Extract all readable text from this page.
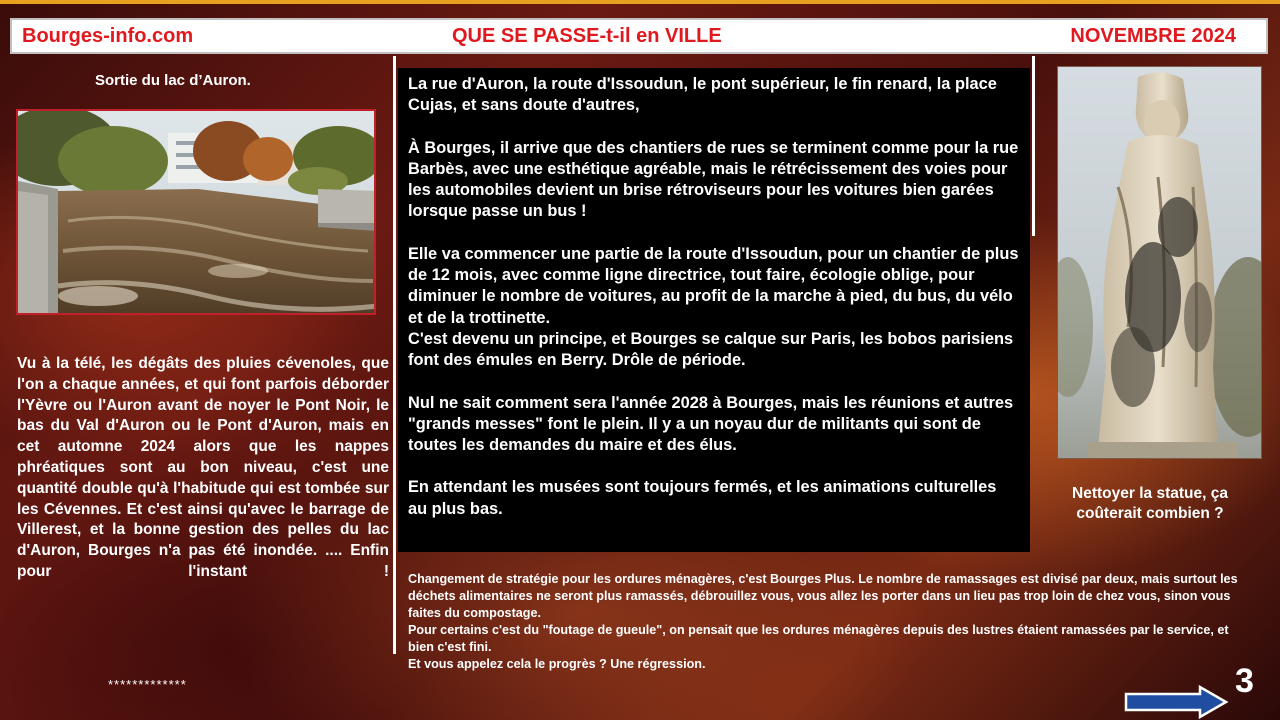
Bourges-info.com	QUE SE PASSE-t-il en VILLE	NOVEMBRE 2024
Sortie du lac d’Auron.
Vu à la télé, les dégâts des pluies cévenoles, que l'on a chaque années, et qui font parfois déborder l'Yèvre ou l'Auron avant de noyer le Pont Noir, le bas du Val d'Auron ou le Pont d'Auron, mais en cet automne 2024 alors que les nappes phréatiques sont au bon niveau, c'est une quantité double qu'à l'habitude qui est tombée sur les Cévennes. Et c'est ainsi qu'avec le barrage de Villerest, et la bonne gestion des pelles du lac d'Auron, Bourges n'a pas été inondée. .... Enfin pour l'instant !
*************

La rue d'Auron, la route d'Issoudun, le pont supérieur, le fin renard, la place Cujas, et sans doute d'autres,

À Bourges, il arrive que des chantiers de rues se terminent comme pour la rue Barbès, avec une esthétique agréable, mais le rétrécissement des voies pour les automobiles devient un brise rétroviseurs pour les voitures bien garées lorsque passe un bus !

Elle va commencer une partie de la route d'Issoudun, pour un chantier de plus de 12 mois, avec comme ligne directrice, tout faire, écologie oblige, pour diminuer le nombre de voitures, au profit de la marche à pied, du bus, du vélo et de la trottinette.

C'est devenu un principe, et Bourges se calque sur Paris, les bobos parisiens font des émules en Berry. Drôle de période.

Nul ne sait comment sera l'année 2028 à Bourges, mais les réunions et autres "grands messes" font le plein. Il y a un noyau dur de militants qui sont de toutes les demandes du maire et des élus.

En attendant les musées sont toujours fermés, et les animations culturelles au plus bas.

Changement de stratégie pour les ordures ménagères, c'est Bourges Plus. Le nombre de ramassages est divisé par deux, mais surtout les déchets alimentaires ne seront plus ramassés, débrouillez vous, vous allez les porter dans un lieu pas trop loin de chez vous, sinon vous faites du compostage.
Pour certains c'est du "foutage de gueule", on pensait que les ordures ménagères depuis des lustres étaient ramassées par le service, et bien c'est fini.
Et vous appelez cela le progrès ? Une régression.
Nettoyer la statue, ça
coûterait combien ?
3
